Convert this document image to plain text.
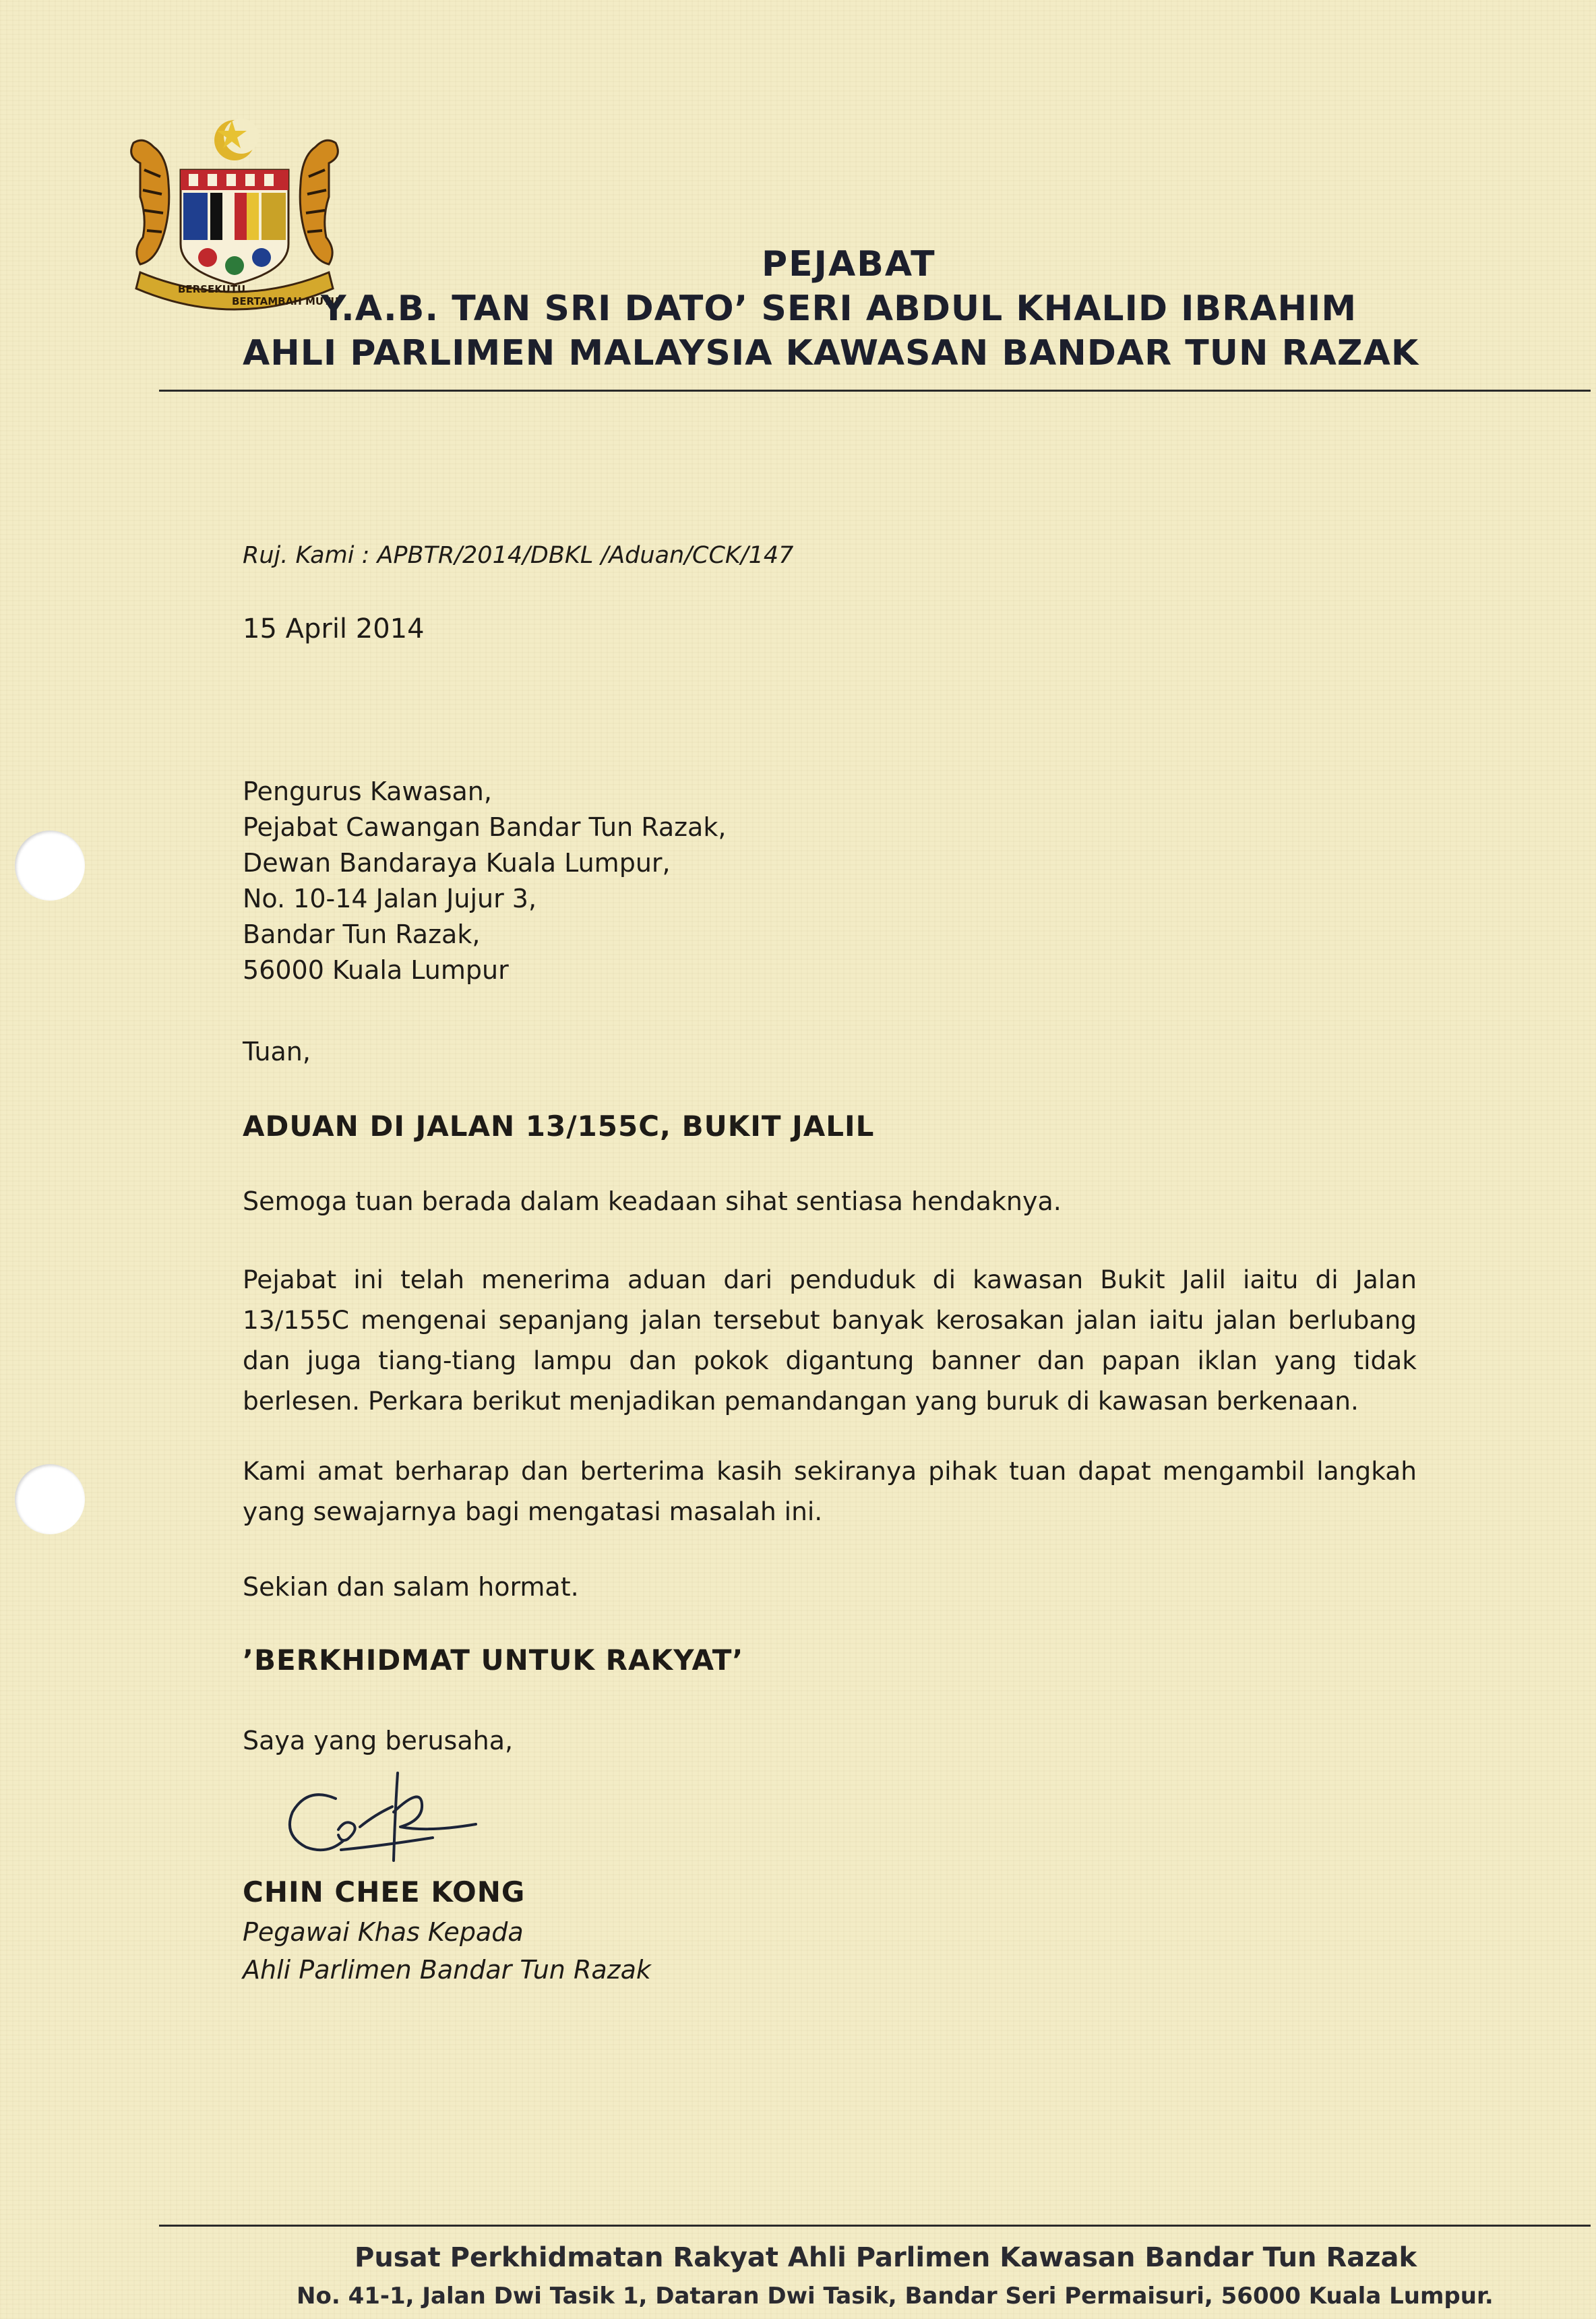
BERSEKUTU
BERTAMBAH MUTU
PEJABAT
Y.A.B. TAN SRI DATO’ SERI ABDUL KHALID IBRAHIM
AHLI PARLIMEN MALAYSIA KAWASAN BANDAR TUN RAZAK
Ruj. Kami : APBTR/2014/DBKL /Aduan/CCK/147
15 April 2014
Pengurus Kawasan,
Pejabat Cawangan Bandar Tun Razak,
Dewan Bandaraya Kuala Lumpur,
No. 10-14 Jalan Jujur 3,
Bandar Tun Razak,
56000 Kuala Lumpur
Tuan,
ADUAN DI JALAN 13/155C, BUKIT JALIL
Semoga tuan berada dalam keadaan sihat sentiasa hendaknya.
Pejabat ini telah menerima aduan dari penduduk di kawasan Bukit Jalil iaitu di Jalan
13/155C mengenai sepanjang jalan tersebut banyak kerosakan jalan iaitu jalan berlubang
dan juga tiang-tiang lampu dan pokok digantung banner dan papan iklan yang tidak
berlesen. Perkara berikut menjadikan pemandangan yang buruk di kawasan berkenaan.
Kami amat berharap dan berterima kasih sekiranya pihak tuan dapat mengambil langkah
yang sewajarnya bagi mengatasi masalah ini.
Sekian dan salam hormat.
’BERKHIDMAT UNTUK RAKYAT’
Saya yang berusaha,
CHIN CHEE KONG
Pegawai Khas Kepada
Ahli Parlimen Bandar Tun Razak
Pusat Perkhidmatan Rakyat Ahli Parlimen Kawasan Bandar Tun Razak
No. 41-1, Jalan Dwi Tasik 1, Dataran Dwi Tasik, Bandar Seri Permaisuri, 56000 Kuala Lumpur.
